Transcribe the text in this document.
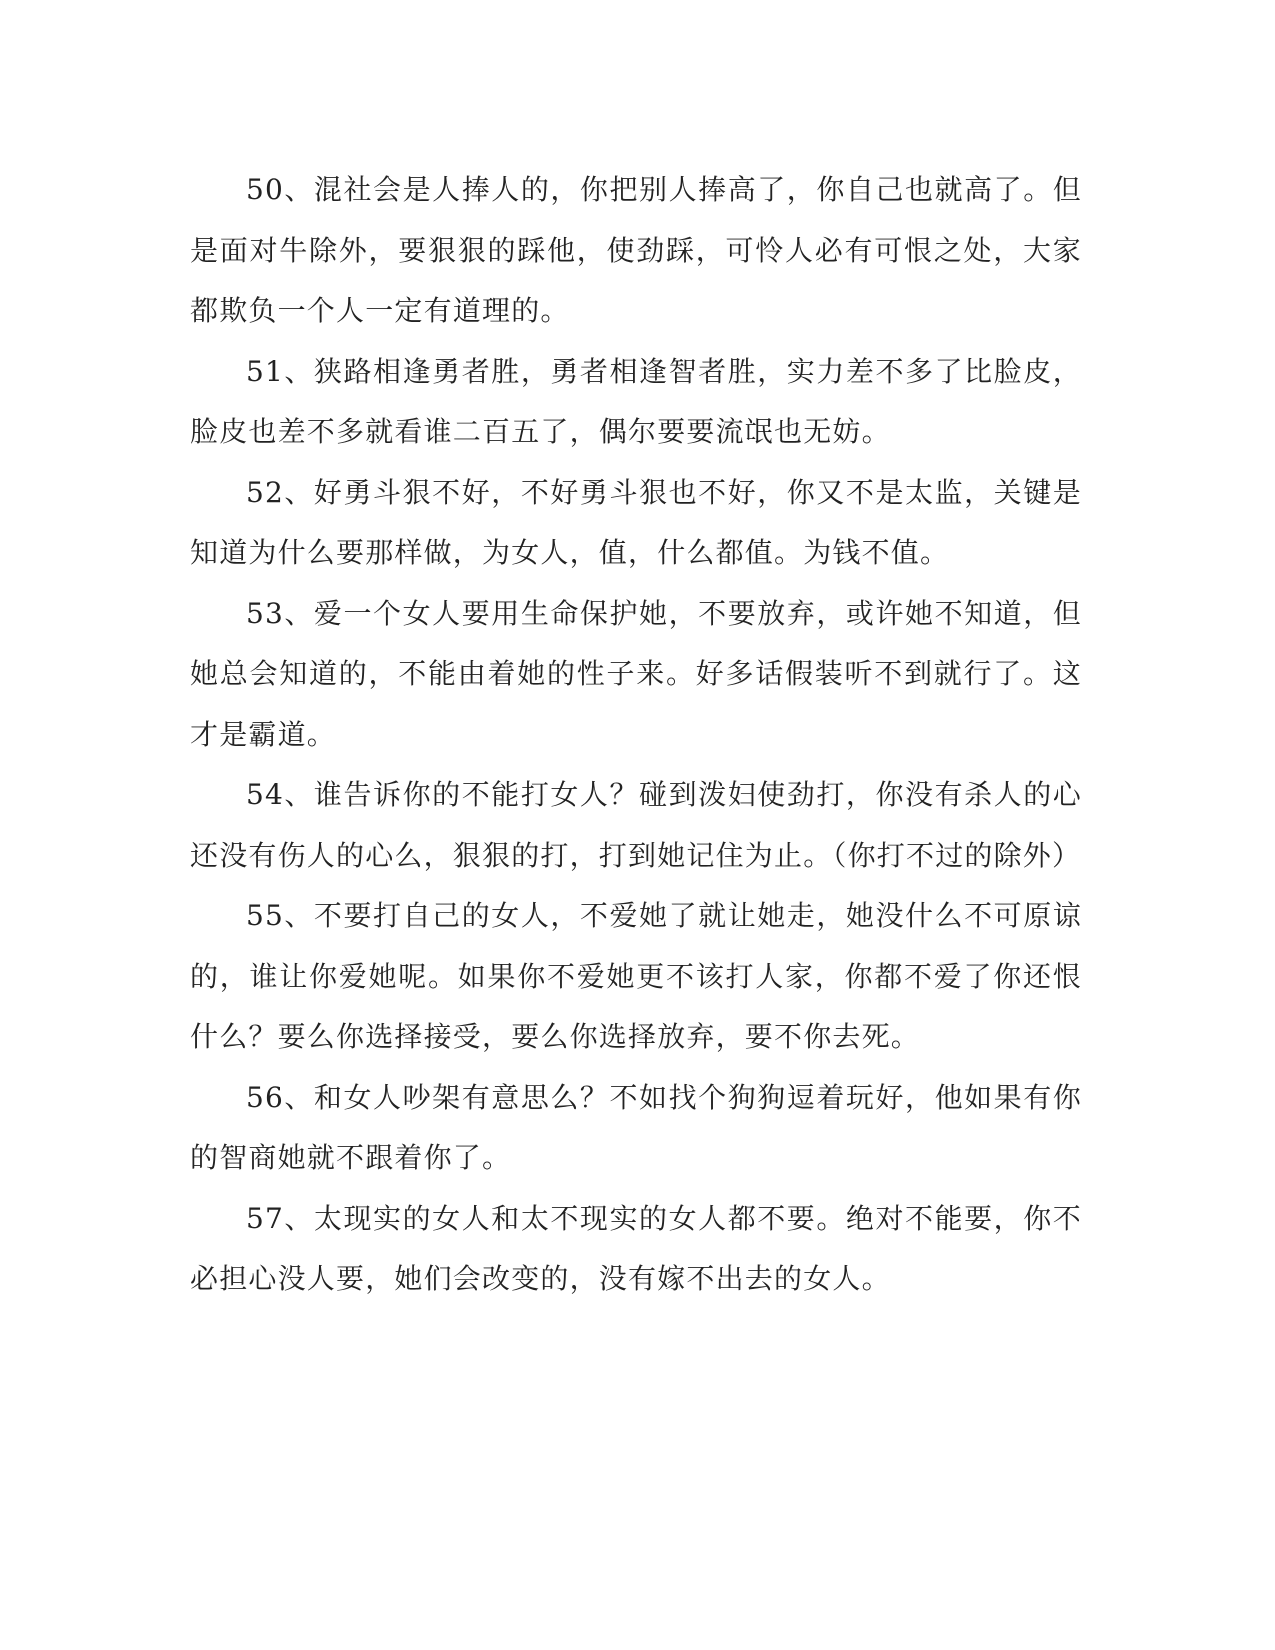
50、混社会是人捧人的，你把别人捧高了，你自己也就高了。但是面对牛除外，要狠狠的踩他，使劲踩，可怜人必有可恨之处，大家都欺负一个人一定有道理的。

51、狭路相逢勇者胜，勇者相逢智者胜，实力差不多了比脸皮，脸皮也差不多就看谁二百五了，偶尔要要流氓也无妨。

52、好勇斗狠不好，不好勇斗狠也不好，你又不是太监，关键是知道为什么要那样做，为女人，值，什么都值。为钱不值。

53、爱一个女人要用生命保护她，不要放弃，或许她不知道，但她总会知道的，不能由着她的性子来。好多话假装听不到就行了。这才是霸道。

54、谁告诉你的不能打女人？碰到泼妇使劲打，你没有杀人的心还没有伤人的心么，狠狠的打，打到她记住为止。（你打不过的除外）

55、不要打自己的女人，不爱她了就让她走，她没什么不可原谅的，谁让你爱她呢。如果你不爱她更不该打人家，你都不爱了你还恨什么？要么你选择接受，要么你选择放弃，要不你去死。

56、和女人吵架有意思么？不如找个狗狗逗着玩好，他如果有你的智商她就不跟着你了。

57、太现实的女人和太不现实的女人都不要。绝对不能要，你不必担心没人要，她们会改变的，没有嫁不出去的女人。
